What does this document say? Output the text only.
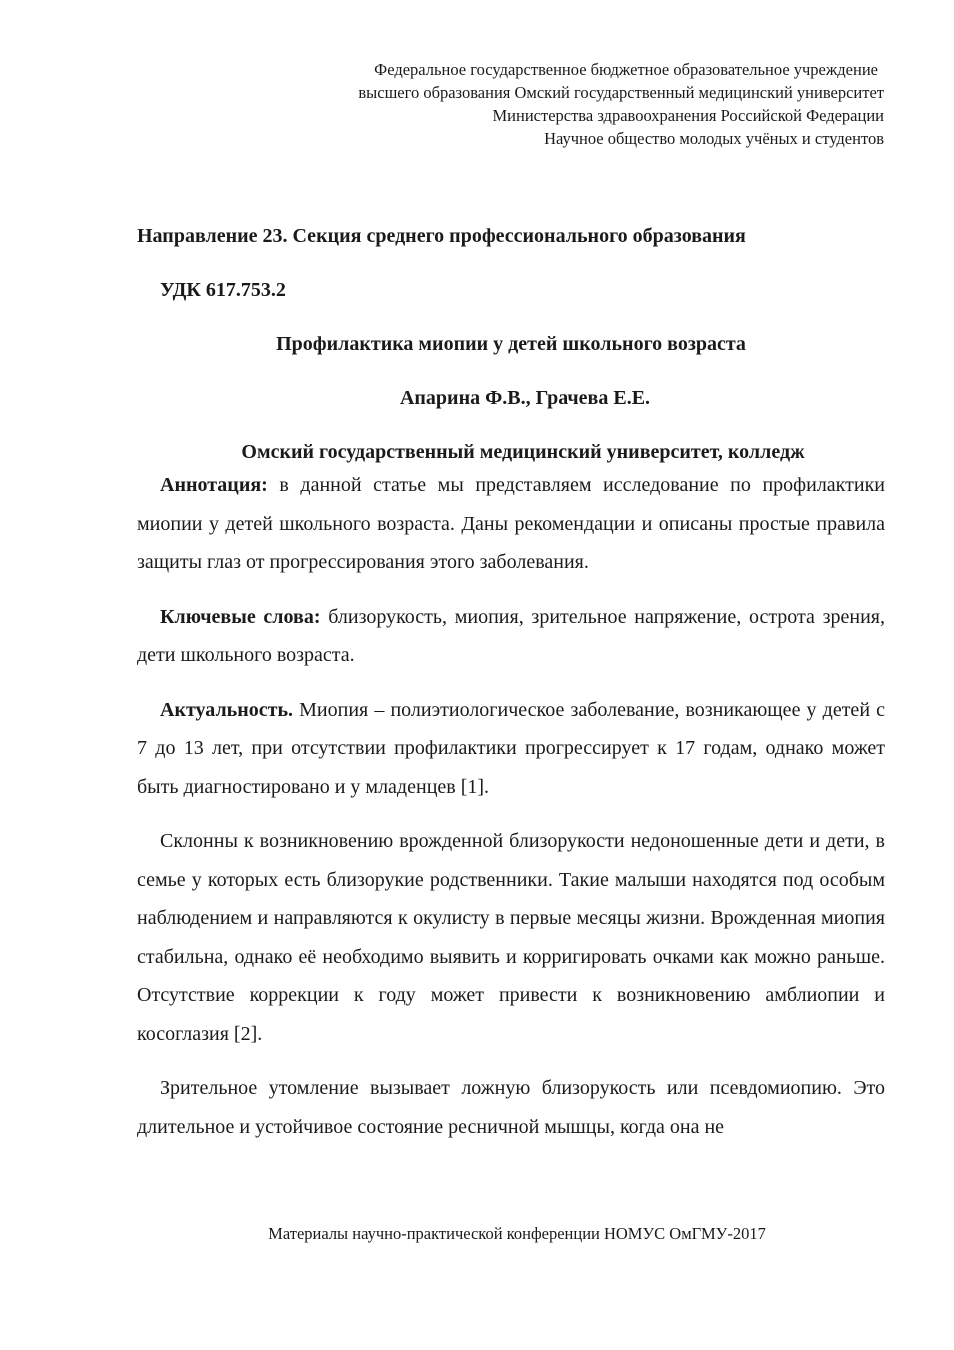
Федеральное государственное бюджетное образовательное учреждение
высшего образования Омский государственный медицинский университет
Министерства здравоохранения Российской Федерации
Научное общество молодых учёных и студентов

Направление 23. Секция среднего профессионального образования

УДК 617.753.2

Профилактика миопии у детей школьного возраста

Апарина Ф.В., Грачева Е.Е.

Омский государственный медицинский университет, колледж

Аннотация: в данной статье мы представляем исследование по профилактики миопии у детей школьного возраста. Даны рекомендации и описаны простые правила защиты глаз от прогрессирования этого заболевания.

Ключевые слова: близорукость, миопия, зрительное напряжение, острота зрения, дети школьного возраста.

Актуальность. Миопия – полиэтиологическое заболевание, возникающее у детей с 7 до 13 лет, при отсутствии профилактики прогрессирует к 17 годам, однако может быть диагностировано и у младенцев [1].

Склонны к возникновению врожденной близорукости недоношенные дети и дети, в семье у которых есть близорукие родственники. Такие малыши находятся под особым наблюдением и направляются к окулисту в первые месяцы жизни. Врожденная миопия стабильна, однако её необходимо выявить и корригировать очками как можно раньше. Отсутствие коррекции к году может привести к возникновению амблиопии и косоглазия [2].

Зрительное утомление вызывает ложную близорукость или псевдомиопию. Это длительное и устойчивое состояние ресничной мышцы, когда она не

Материалы научно-практической конференции НОМУС ОмГМУ-2017
